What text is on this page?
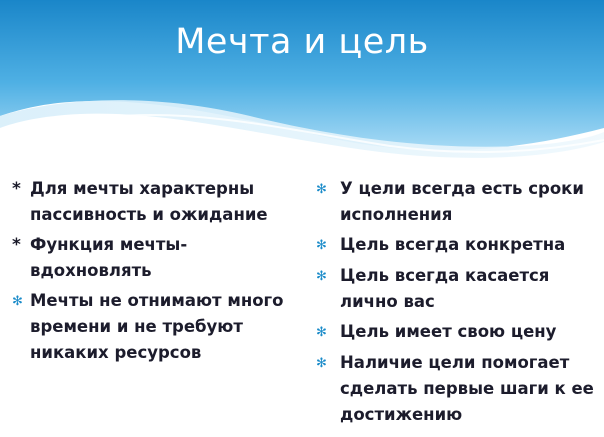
Мечта и цель
* Для мечты характерны пассивность и ожидание
* Функция мечты- вдохновлять
✻ Мечты не отнимают много времени и не требуют никаких ресурсов
✻ У цели всегда есть сроки исполнения
✻ Цель всегда конкретна
✻ Цель всегда касается лично вас
✻ Цель имеет свою цену
✻ Наличие цели помогает сделать первые шаги к ее достижению
